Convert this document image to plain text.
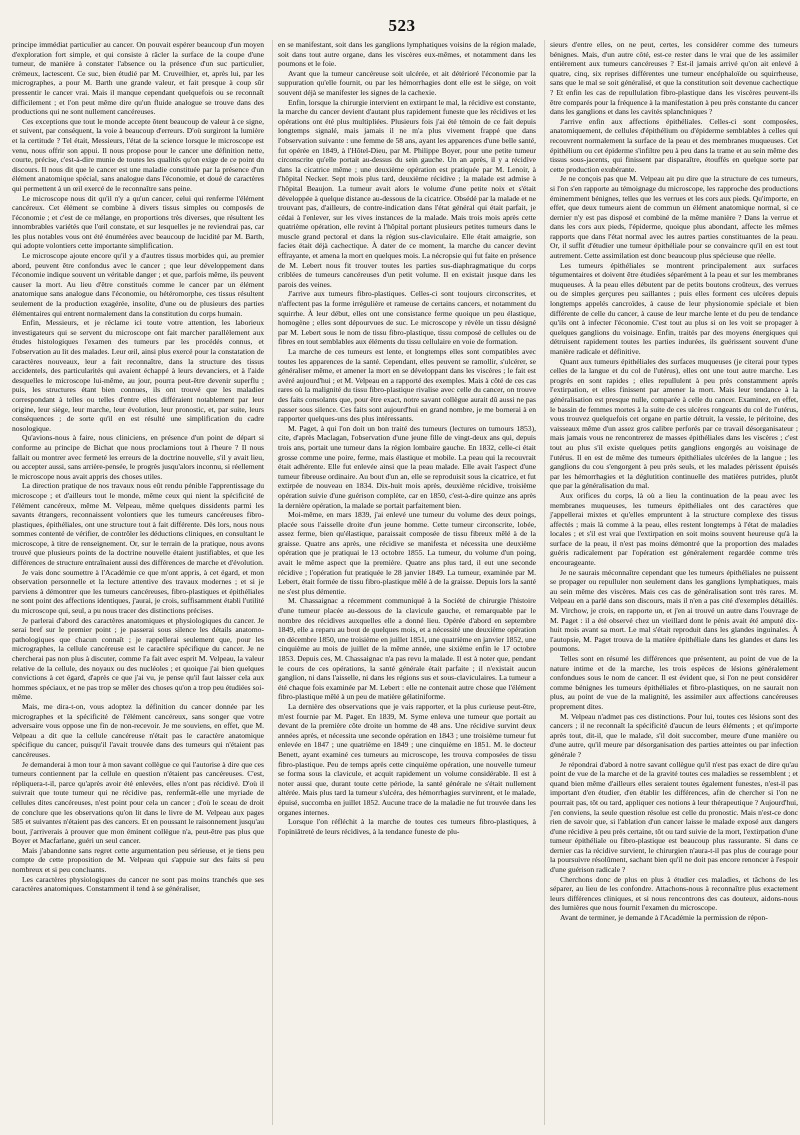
523

principe immédiat particulier au cancer. On pouvait espérer beaucoup d'un moyen d'exploration fort simple, et qui consiste à râcler la surface de la coupe d'une tumeur, de manière à constater l'absence ou la présence d'un suc particulier, crémeux, lactescent. Ce suc, bien étudié par M. Cruveilhier, et, après lui, par les micrographes, a pour M. Barth une grande valeur, et fait presque à coup sûr pressentir le cancer vrai. Mais il manque cependant quelquefois ou se reconnaît difficilement ; et l'on peut même dire qu'un fluide analogue se trouve dans des productions qui ne sont nullement cancéreuses.

Ces exceptions que tout le monde accepte ôtent beaucoup de valeur à ce signe, et suivent, par conséquent, la voie à beaucoup d'erreurs. D'où surgiront la lumière et la certitude ? Tel était, Messieurs, l'état de la science lorsque le microscope est venu, nous offrir son appui. Il nous propose pour le cancer une définition nette, courte, précise, c'est-à-dire munie de toutes les qualités qu'on exige de ce point du discours. Il nous dit que le cancer est une maladie constituée par la présence d'un élément anatomique spécial, sans analogue dans l'économie, et doué de caractères qui permettent à un œil exercé de le reconnaître sans peine.

Le microscope nous dit qu'il n'y a qu'un cancer, celui qui renferme l'élément cancéreux. Cet élément se combine à divers tissus simples ou composés de l'économie ; et c'est de ce mélange, en proportions très diverses, que résultent les innombrables variétés que l'œil constate, et sur lesquelles je ne reviendrai pas, car les plus notables vous ont été énumérées avec beaucoup de lucidité par M. Barth, qui adopte volontiers cette importante simplification.

Le microscope ajoute encore qu'il y a d'autres tissus morbides qui, au premier abord, peuvent être confondus avec le cancer ; que leur développement dans l'économie indique souvent un véritable danger ; et que, parfois même, ils peuvent causer la mort. Au lieu d'être constitués comme le cancer par un élément anatomique sans analogue dans l'économie, ou hétéromorphe, ces tissus résultent seulement de la production exagérée, insolite, d'une ou de plusieurs des parties élémentaires qui entrent normalement dans la constitution du corps humain.

Enfin, Messieurs, et je réclame ici toute votre attention, les laborieux investigateurs qui se servent du microscope ont fait marcher parallèlement aux études histologiques l'examen des tumeurs par les procédés connus, et l'observation au lit des malades. Leur œil, ainsi plus exercé pour la constatation de caractères nouveaux, leur a fait reconnaître, dans la structure des tissus accidentels, des particularités qui avaient échappé à leurs devanciers, et à l'aide desquelles le microscope lui-même, au jour, pourra peut-être devenir superflu ; puis, les structures étant bien connues, ils ont trouvé que les maladies correspondant à telles ou telles d'entre elles différaient notablement par leur origine, leur siège, leur marche, leur évolution, leur pronostic, et, par suite, leurs conséquences ; de sorte qu'il en est résulté une simplification du cadre nosologique.

Qu'avions-nous à faire, nous cliniciens, en présence d'un point de départ si conforme au principe de Bichat que nous proclamions tout à l'heure ? Il nous fallait ou montrer avec fermeté les erreurs de la doctrine nouvelle, s'il y avait lieu, ou accepter aussi, sans arrière-pensée, le progrès jusqu'alors inconnu, si réellement le microscope nous avait appris des choses utiles.

La direction pratique de nos travaux nous eût rendu pénible l'apprentissage du microscope ; et d'ailleurs tout le monde, même ceux qui nient la spécificité de l'élément cancéreux, même M. Velpeau, même quelques dissidents parmi les savants étrangers, reconnaissent volontiers que les tumeurs cancéreuses fibro-plastiques, épithéliales, ont une structure tout à fait différente. Dès lors, nous nous sommes contenté de vérifier, de contrôler les déductions cliniques, en consultant le microscope, à titre de renseignement. Or, sur le terrain de la pratique, nous avons trouvé que plusieurs points de la doctrine nouvelle étaient justifiables, et que les différences de structure entraînaient aussi des différences de marche et d'évolution.

Je vais donc soumettre à l'Académie ce que m'ont appris, à cet égard, et mon observation personnelle et la lecture attentive des travaux modernes ; et si je parviens à démontrer que les tumeurs cancéreuses, fibro-plastiques et épithéliales ne sont point des affections identiques, j'aurai, je crois, suffisamment établi l'utilité du microscope qui, seul, a pu nous tracer des distinctions précises.

Je parlerai d'abord des caractères anatomiques et physiologiques du cancer. Je serai bref sur le premier point ; je passerai sous silence les détails anatomo-pathologiques que chacun connaît ; je rappellerai seulement que, pour les micrographes, la cellule cancéreuse est le caractère spécifique du cancer. Je ne chercherai pas non plus à discuter, comme l'a fait avec esprit M. Velpeau, la valeur relative de la cellule, des noyaux ou des nucléoles ; et quoique j'ai bien quelques convictions à cet égard, d'après ce que j'ai vu, je pense qu'il faut laisser cela aux hommes spéciaux, et ne pas trop se mêler des choses qu'on a trop peu étudiées soi-même.

Mais, me dira-t-on, vous adoptez la définition du cancer donnée par les micrographes et la spécificité de l'élément cancéreux, sans songer que votre adversaire vous oppose une fin de non-recevoir. Je me souviens, en effet, que M. Velpeau a dit que la cellule cancéreuse n'était pas le caractère anatomique spécifique du cancer, puisqu'il l'avait trouvée dans des tumeurs qui n'étaient pas cancéreuses.

Je demanderai à mon tour à mon savant collègue ce qui l'autorise à dire que ces tumeurs contiennent par la cellule en question n'étaient pas cancéreuses. C'est, répliquera-t-il, parce qu'après avoir été enlevées, elles n'ont pas récidivé. D'où il suivrait que toute tumeur qui ne récidive pas, renfermât-elle une myriade de cellules dites cancéreuses, n'est point pour cela un cancer ; d'où le sceau de droit de conclure que les observations qu'on lit dans le livre de M. Velpeau aux pages 585 et suivantes n'étaient pas des cancers. Et en poussant le raisonnement jusqu'au bout, j'arriverais à prouver que mon éminent collègue n'a, peut-être pas plus que Boyer et Macfarlane, guéri un seul cancer.

Mais j'abandonne sans regret cette argumentation peu sérieuse, et je tiens peu compte de cette proposition de M. Velpeau qui s'appuie sur des faits si peu nombreux et si peu concluants.

Les caractères physiologiques du cancer ne sont pas moins tranchés que ses caractères anatomiques. Constamment il tend à se généraliser,

en se manifestant, soit dans les ganglions lymphatiques voisins de la région malade, soit dans tout autre organe, dans les viscères eux-mêmes, et notamment dans les poumons et le foie.

Avant que la tumeur cancéreuse soit ulcérée, et ait détérioré l'économie par la suppuration qu'elle fournit, ou par les hémorrhagies dont elle est le siège, on voit souvent déjà se manifester les signes de la cachexie.

Enfin, lorsque la chirurgie intervient en extirpant le mal, la récidive est constante, la marche du cancer devient d'autant plus rapidement funeste que les récidives et les opérations ont été plus multipliées. Plusieurs fois j'ai été témoin de ce fait depuis longtemps signalé, mais jamais il ne m'a plus vivement frappé que dans l'observation suivante : une femme de 58 ans, ayant les apparences d'une belle santé, fut opérée en 1849, à l'Hôtel-Dieu, par M. Philippe Boyer, pour une petite tumeur circonscrite qu'elle portait au-dessus du sein gauche. Un an après, il y a récidive dans la cicatrice même ; une deuxième opération est pratiquée par M. Lenoir, à l'hôpital Necker. Sept mois plus tard, deuxième récidive ; la malade est admise à l'hôpital Beaujon. La tumeur avait alors le volume d'une petite noix et s'était développée à quelque distance au-dessous de la cicatrice. Obsédé par la malade et ne trouvant pas, d'ailleurs, de contre-indication dans l'état général qui était parfait, je cédai à l'enlever, sur les vives instances de la malade. Mais trois mois après cette quatrième opération, elle revint à l'hôpital portant plusieurs petites tumeurs dans le muscle grand pectoral et dans la région sus-claviculaire. Elle était amaigrie, son facies était déjà cachectique. À dater de ce moment, la marche du cancer devint effrayante, et amena la mort en quelques mois. La nécropsie qui fut faite en présence de M. Lebert nous fit trouver toutes les parties sus-diaphragmatique du corps criblées de tumeurs cancéreuses d'un petit volume. Il en existait jusque dans les parois des veines.

J'arrive aux tumeurs fibro-plastiques. Celles-ci sont toujours circonscrites, et n'affectent pas la forme irrégulière et rameuse de certains cancers, et notamment du squirrhe. À leur début, elles ont une consistance ferme quoique un peu élastique, homogène ; elles sont dépourvues de suc. Le microscope y révèle un tissu désigné par M. Lebert sous le nom de tissu fibro-plastique, tissu composé de cellules ou de fibres en tout semblables aux éléments du tissu cellulaire en voie de formation.

La marche de ces tumeurs est lente, et longtemps elles sont compatibles avec toutes les apparences de la santé. Cependant, elles peuvent se ramollir, s'ulcérer, se généraliser même, et amener la mort en se développant dans les viscères ; le fait est avéré aujourd'hui ; et M. Velpeau en a rapporté des exemples. Mais à côté de ces cas rares où la malignité du tissu fibro-plastique rivalise avec celle du cancer, on trouve des faits consolants que, pour être exact, notre savant collègue aurait dû aussi ne pas passer sous silence. Ces faits sont aujourd'hui en grand nombre, je me bornerai à en rapporter quelques-uns des plus intéressants.

M. Paget, à qui l'on doit un bon traité des tumeurs (lectures on tumours 1853), cite, d'après Maclagan, l'observation d'une jeune fille de vingt-deux ans qui, depuis trois ans, portait une tumeur dans la région lombaire gauche. En 1832, celle-ci était grosse comme une poire, ferme, mais élastique et mobile. La peau qui la recouvrait était adhérente. Elle fut enlevée ainsi que la peau malade. Elle avait l'aspect d'une tumeur fibreuse ordinaire. Au bout d'un an, elle se reproduisit sous la cicatrice, et fut extirpée de nouveau en 1834. Dix-huit mois après, deuxième récidive, troisième opération suivie d'une guérison complète, car en 1850, c'est-à-dire quinze ans après la dernière opération, la malade se portait parfaitement bien.

Moi-même, en mars 1839, j'ai enlevé une tumeur du volume des deux poings, placée sous l'aisselle droite d'un jeune homme. Cette tumeur circonscrite, lobée, assez ferme, bien qu'élastique, paraissait composée de tissu fibreux mêlé à de la graisse. Quatre ans après, une récidive se manifesta et nécessita une deuxième opération que je pratiquai le 13 octobre 1855. La tumeur, du volume d'un poing, avait le même aspect que la première. Quatre ans plus tard, il eut une seconde récidive ; l'opération fut pratiquée le 28 janvier 1849. La tumeur, examinée par M. Lebert, était formée de tissu fibro-plastique mêlé à de la graisse. Depuis lors la santé ne s'est plus démentie.

M. Chassaignac a récemment communiqué à la Société de chirurgie l'histoire d'une tumeur placée au-dessous de la clavicule gauche, et remarquable par le nombre des récidives auxquelles elle a donné lieu. Opérée d'abord en septembre 1849, elle a reparu au bout de quelques mois, et a nécessité une deuxième opération en décembre 1850, une troisième en juillet 1851, une quatrième en janvier 1852, une cinquième au mois de juillet de la même année, une sixième enfin le 17 octobre 1853. Depuis ces, M. Chassaignac n'a pas revu la malade. Il est à noter que, pendant le cours de ces opérations, la santé générale était parfaite ; il n'existait aucun ganglion, ni dans l'aisselle, ni dans les régions sus et sous-claviculaires. La tumeur a été chaque fois examinée par M. Lebert : elle ne contenait autre chose que l'élément fibro-plastique mêlé à un peu de matière gélatiniforme.

La dernière des observations que je vais rapporter, et la plus curieuse peut-être, m'est fournie par M. Paget. En 1839, M. Syme enleva une tumeur que portait au devant de la première côte droite un homme de 48 ans. Une récidive survint deux années après, et nécessita une seconde opération en 1843 ; une troisième tumeur fut enlevée en 1847 ; une quatrième en 1849 ; une cinquième en 1851. M. le docteur Benett, ayant examiné ces tumeurs au microscope, les trouva composées de tissu fibro-plastique. Peu de temps après cette cinquième opération, une nouvelle tumeur se forma sous la clavicule, et acquit rapidement un volume considérable. Il est à noter aussi que, durant toute cette période, la santé générale ne s'était nullement altérée. Mais plus tard la tumeur s'ulcéra, des hémorrhagies survinrent, et le malade, épuisé, succomba en juillet 1852. Aucune trace de la maladie ne fut trouvée dans les organes internes.

Lorsque l'on réfléchit à la marche de toutes ces tumeurs fibro-plastiques, à l'opiniâtreté de leurs récidives, à la tendance funeste de plu-

sieurs d'entre elles, on ne peut, certes, les considérer comme des tumeurs bénignes. Mais, d'un autre côté, est-ce rester dans le vrai que de les assimiler entièrement aux tumeurs cancéreuses ? Est-il jamais arrivé qu'on ait enlevé à quatre, cinq, six reprises différentes une tumeur encéphaloïde ou squirrheuse, sans que le mal se soit généralisé, et que la constitution soit devenue cachectique ? Et enfin les cas de repullulation fibro-plastique dans les viscères peuvent-ils être comparés pour la fréquence à la manifestation à peu près constante du cancer dans les ganglions et dans les cavités splanchniques ?

J'arrive enfin aux affections épithéliales. Celles-ci sont composées, anatomiquement, de cellules d'épithélium ou d'épiderme semblables à celles qui recouvrent normalement la surface de la peau et des membranes muqueuses. Cet épithélium ou cet épiderme s'infiltre peu à peu dans la trame et au sein même des tissus sous-jacents, qui finissent par disparaître, étouffés en quelque sorte par cette production exubérante.

Je ne conçois pas que M. Velpeau ait pu dire que la structure de ces tumeurs, si l'on s'en rapporte au témoignage du microscope, les rapproche des productions éminemment bénignes, telles que les verrues et les cors aux pieds. Qu'importe, en effet, que deux tumeurs aient de commun un élément anatomique normal, si ce dernier n'y est pas disposé et combiné de la même manière ? Dans la verrue et dans les cors aux pieds, l'épiderme, quoique plus abondant, affecte les mêmes rapports que dans l'état normal avec les autres parties constituantes de la peau. Or, il suffit d'étudier une tumeur épithéliale pour se convaincre qu'il en est tout autrement. Cette assimilation est donc beaucoup plus spécieuse que réelle.

Les tumeurs épithéliales se montrent principalement aux surfaces tégumentaires et doivent être étudiées séparément à la peau et sur les membranes muqueuses. À la peau elles débutent par de petits boutons croûteux, des verrues ou de simples gerçures peu saillantes ; puis elles forment ces ulcères depuis longtemps appelés cancroïdes, à cause de leur physionomie spéciale et bien différente de celle du cancer, à cause de leur marche lente et du peu de tendance qu'ils ont à infecter l'économie. C'est tout au plus si on les voit se propager à quelques ganglions du voisinage. Enfin, traités par des moyens énergiques qui détruisent rapidement toutes les parties indurées, ils guérissent souvent d'une manière radicale et définitive.

Quant aux tumeurs épithéliales des surfaces muqueuses (je citerai pour types celles de la langue et du col de l'utérus), elles ont une tout autre marche. Les progrès en sont rapides ; elles repullulent à peu près constamment après l'extirpation, et elles finissent par amener la mort. Mais leur tendance à la généralisation est presque nulle, comparée à celle du cancer. Examinez, en effet, le bassin de femmes mortes à la suite de ces ulcères rongeants du col de l'utérus, vous trouvez quelquefois cet organe en partie détruit, la vessie, le péritoine, des vaisseaux même d'un assez gros calibre perforés par ce travail désorganisateur ; mais jamais vous ne rencontrerez de masses épithéliales dans les viscères ; c'est tout au plus s'il existe quelques petits ganglions engorgés au voisinage de l'utérus. Il en est de même des tumeurs épithéliales ulcérées de la langue ; les ganglions du cou s'engorgent à peu près seuls, et les malades périssent épuisés par les hémorrhagies et la déglutition continuelle des matières putrides, plutôt que par la généralisation du mal.

Aux orifices du corps, là où a lieu la continuation de la peau avec les membranes muqueuses, les tumeurs épithéliales ont des caractères que j'appellerai mixtes et qu'elles empruntent à la structure complexe des tissus affectés ; mais là comme à la peau, elles restent longtemps à l'état de maladies locales ; et s'il est vrai que l'extirpation en soit moins souvent heureuse qu'à la surface de la peau, il n'est pas moins démontré que la proportion des malades guéris radicalement par l'opération est généralement regardée comme très encourageante.

Je ne saurais méconnaître cependant que les tumeurs épithéliales ne puissent se propager ou repulluler non seulement dans les ganglions lymphatiques, mais au sein même des viscères. Mais ces cas de généralisation sont très rares. M. Velpeau en a parlé dans son discours, mais il n'en a pas cité d'exemples détaillés. M. Virchow, je crois, en rapporte un, et j'en ai trouvé un autre dans l'ouvrage de M. Paget : il a été observé chez un vieillard dont le pénis avait été amputé dix-huit mois avant sa mort. Le mal s'était reproduit dans les glandes inguinales. À l'autopsie, M. Paget trouva de la matière épithéliale dans les glandes et dans les poumons.

Telles sont en résumé les différences que présentent, au point de vue de la nature intime et de la marche, les trois espèces de lésions généralement confondues sous le nom de cancer. Il est évident que, si l'on ne peut considérer comme bénignes les tumeurs épithéliales et fibro-plastiques, on ne saurait non plus, au point de vue de la malignité, les assimiler aux affections cancéreuses proprement dites.

M. Velpeau n'admet pas ces distinctions. Pour lui, toutes ces lésions sont des cancers ; il ne reconnaît la spécificité d'aucun de leurs éléments ; et qu'importe après tout, dit-il, que le malade, s'il doit succomber, meure d'une manière ou d'une autre, qu'il meure par désorganisation des parties atteintes ou par infection générale ?

Je répondrai d'abord à notre savant collègue qu'il n'est pas exact de dire qu'au point de vue de la marche et de la gravité toutes ces maladies se ressemblent ; et quand bien même d'ailleurs elles seraient toutes également funestes, n'est-il pas important d'en étudier, d'en établir les différences, afin de chercher si l'on ne pourrait pas, tôt ou tard, appliquer ces notions à leur thérapeutique ? Aujourd'hui, j'en conviens, la seule question résolue est celle du pronostic. Mais n'est-ce donc rien de savoir que, si l'ablation d'un cancer laisse le malade exposé aux dangers d'une récidive à peu près certaine, tôt ou tard suivie de la mort, l'extirpation d'une tumeur épithéliale ou fibro-plastique est beaucoup plus rassurante. Si dans ce dernier cas la récidive survient, le chirurgien n'aura-t-il pas plus de courage pour la poursuivre résolûment, sachant bien qu'il ne doit pas encore renoncer à l'espoir d'une guérison radicale ?

Cherchons donc de plus en plus à étudier ces maladies, et tâchons de les séparer, au lieu de les confondre. Attachons-nous à reconnaître plus exactement leurs différences cliniques, et si nous rencontrons des cas douteux, aidons-nous des lumières que nous fournit l'examen du microscope.

Avant de terminer, je demande à l'Académie la permission de répon-
